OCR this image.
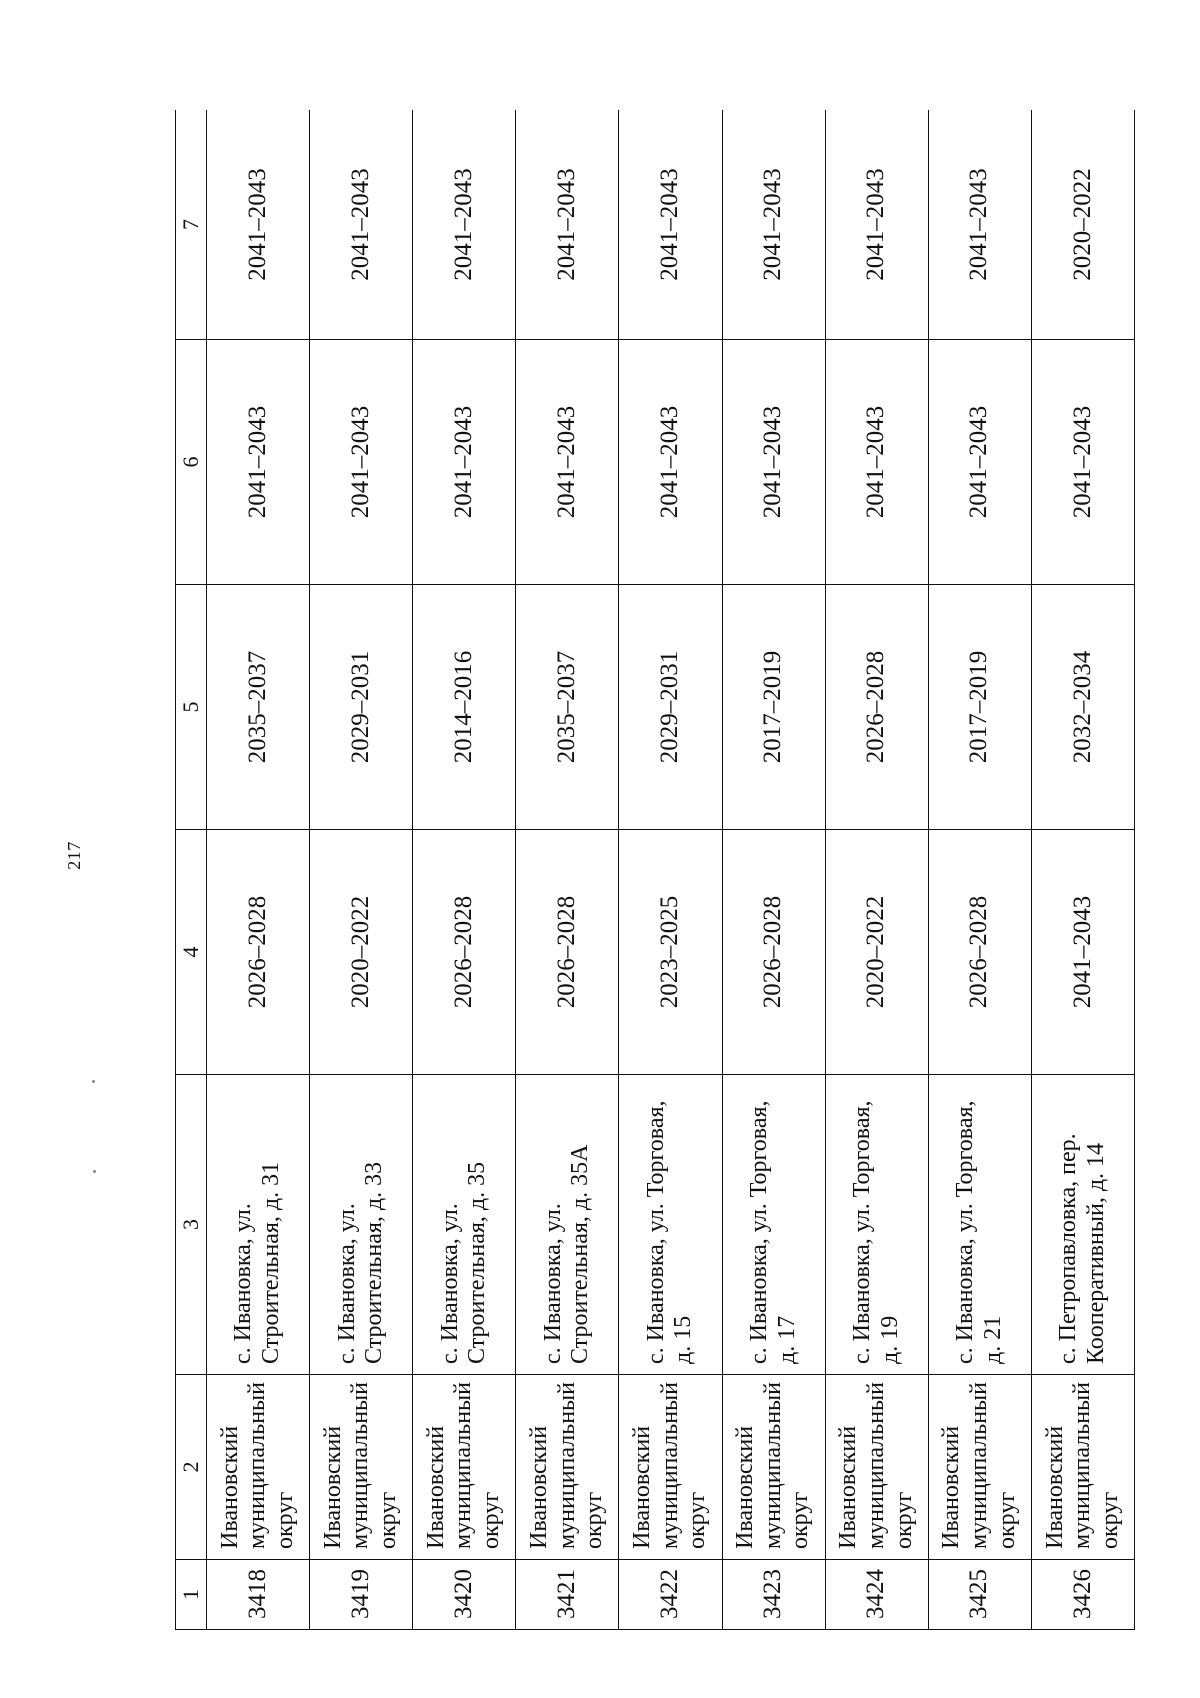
217
1	2	3	4	5	6	7
3418	Ивановский муниципальный округ	с. Ивановка, ул. Строительная, д. 31	2026–2028	2035–2037	2041–2043	2041–2043
3419	Ивановский муниципальный округ	с. Ивановка, ул. Строительная, д. 33	2020–2022	2029–2031	2041–2043	2041–2043
3420	Ивановский муниципальный округ	с. Ивановка, ул. Строительная, д. 35	2026–2028	2014–2016	2041–2043	2041–2043
3421	Ивановский муниципальный округ	с. Ивановка, ул. Строительная, д. 35А	2026–2028	2035–2037	2041–2043	2041–2043
3422	Ивановский муниципальный округ	с. Ивановка, ул. Торговая, д. 15	2023–2025	2029–2031	2041–2043	2041–2043
3423	Ивановский муниципальный округ	с. Ивановка, ул. Торговая, д. 17	2026–2028	2017–2019	2041–2043	2041–2043
3424	Ивановский муниципальный округ	с. Ивановка, ул. Торговая, д. 19	2020–2022	2026–2028	2041–2043	2041–2043
3425	Ивановский муниципальный округ	с. Ивановка, ул. Торговая, д. 21	2026–2028	2017–2019	2041–2043	2041–2043
3426	Ивановский муниципальный округ	с. Петропавловка, пер. Кооперативный, д. 14	2041–2043	2032–2034	2041–2043	2020–2022
